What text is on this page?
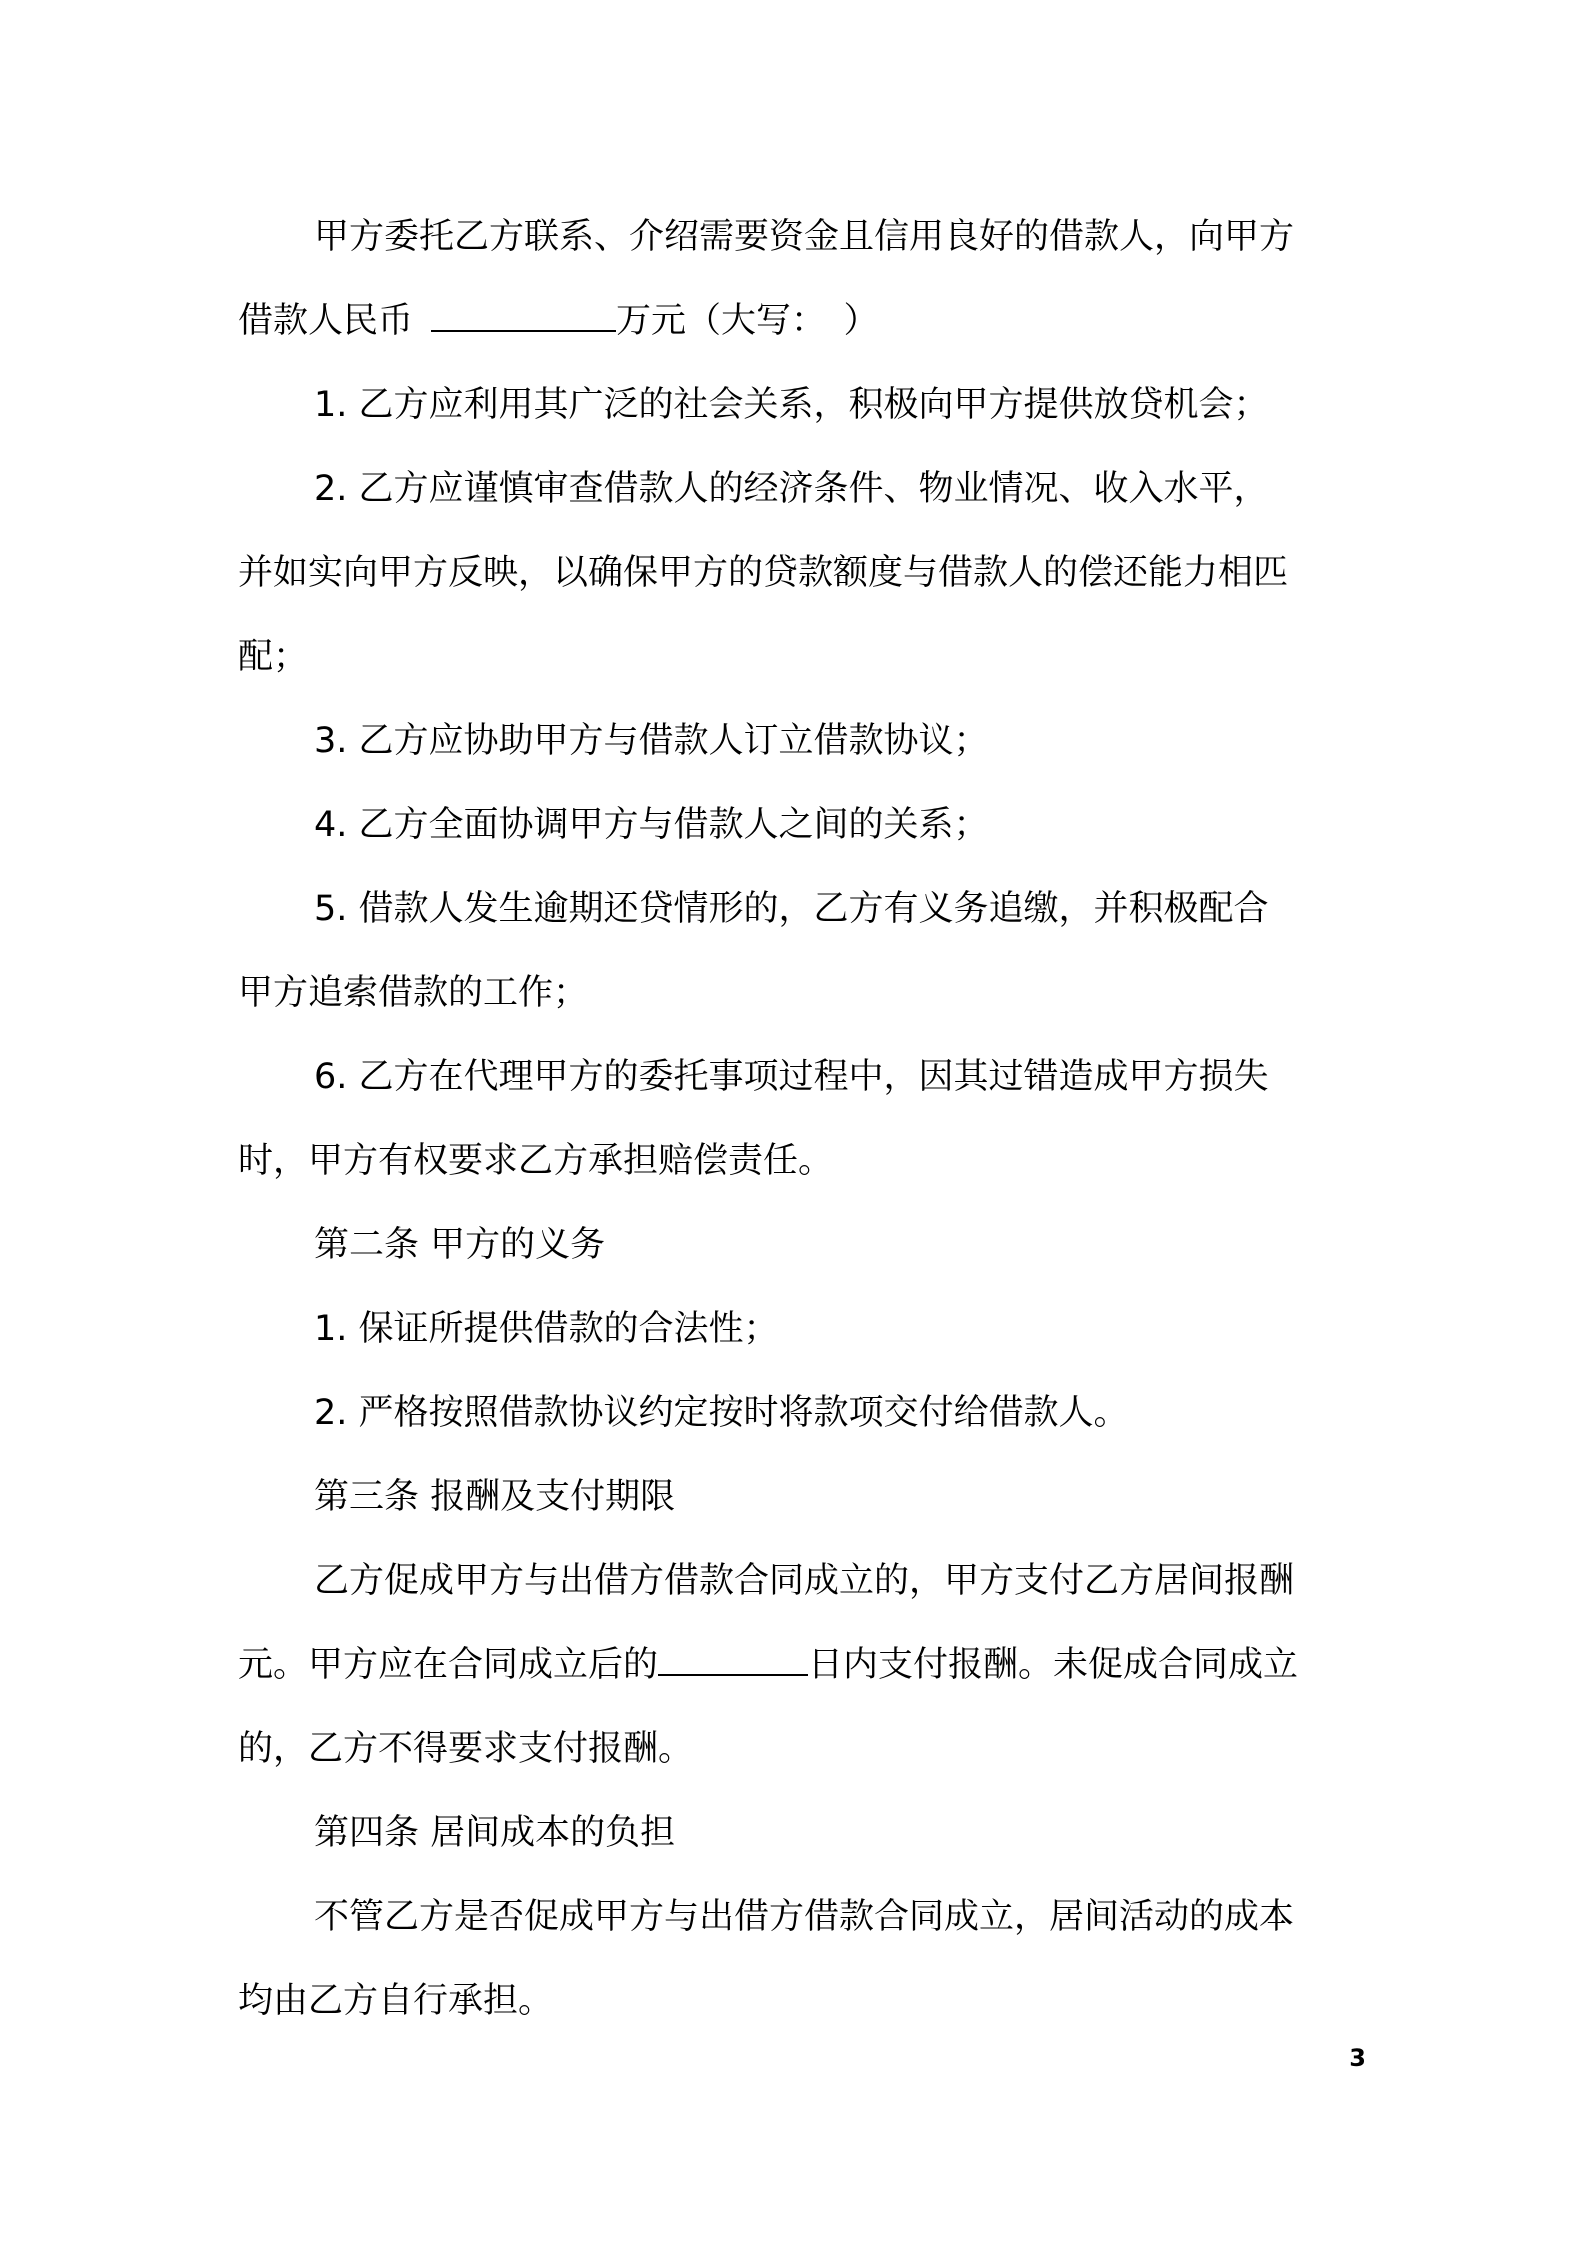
甲方委托乙方联系、介绍需要资金且信用良好的借款人，向甲方

借款人民币	万元（大写：　）

1. 乙方应利用其广泛的社会关系，积极向甲方提供放贷机会；

2. 乙方应谨慎审查借款人的经济条件、物业情况、收入水平，

并如实向甲方反映，以确保甲方的贷款额度与借款人的偿还能力相匹

配；

3. 乙方应协助甲方与借款人订立借款协议；

4. 乙方全面协调甲方与借款人之间的关系；

5. 借款人发生逾期还贷情形的，乙方有义务追缴，并积极配合

甲方追索借款的工作；

6. 乙方在代理甲方的委托事项过程中，因其过错造成甲方损失

时，甲方有权要求乙方承担赔偿责任。

第二条 甲方的义务

1. 保证所提供借款的合法性；

2. 严格按照借款协议约定按时将款项交付给借款人。

第三条 报酬及支付期限

乙方促成甲方与出借方借款合同成立的，甲方支付乙方居间报酬

元。甲方应在合同成立后的	日内支付报酬。未促成合同成立

的，乙方不得要求支付报酬。

第四条 居间成本的负担

不管乙方是否促成甲方与出借方借款合同成立，居间活动的成本

均由乙方自行承担。

3
